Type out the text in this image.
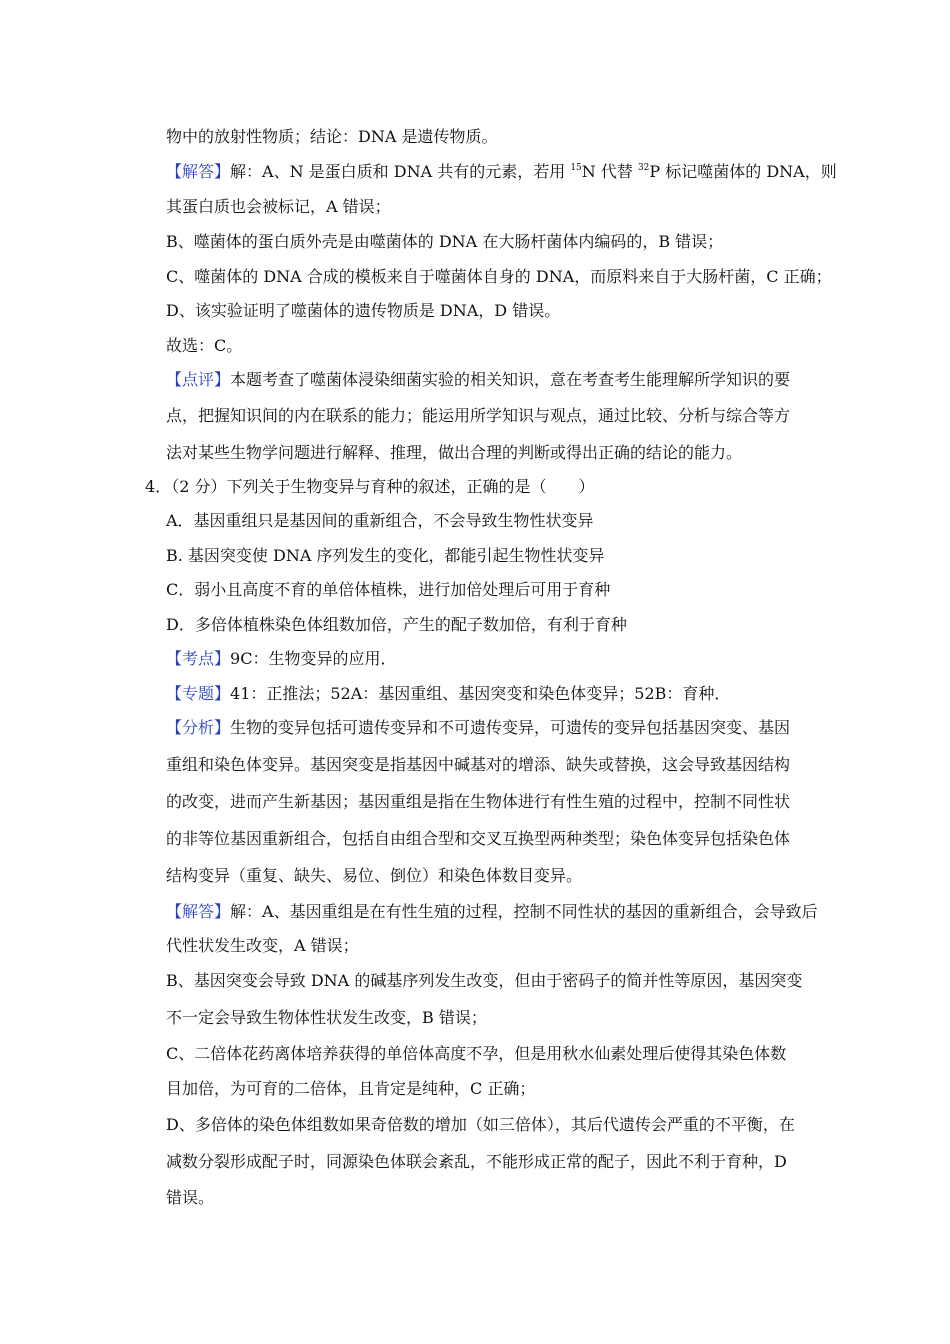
物中的放射性物质；结论：DNA 是遗传物质。
【解答】解：A、N 是蛋白质和 DNA 共有的元素，若用 $^{15}$N 代替 $^{32}$P 标记噬菌体的 DNA，则
其蛋白质也会被标记，A 错误；
B、噬菌体的蛋白质外壳是由噬菌体的 DNA 在大肠杆菌体内编码的，B 错误；
C、噬菌体的 DNA 合成的模板来自于噬菌体自身的 DNA，而原料来自于大肠杆菌，C 正确；
D、该实验证明了噬菌体的遗传物质是 DNA，D 错误。
故选：C。
【点评】本题考查了噬菌体浸染细菌实验的相关知识，意在考查考生能理解所学知识的要
点，把握知识间的内在联系的能力；能运用所学知识与观点，通过比较、分析与综合等方
法对某些生物学问题进行解释、推理，做出合理的判断或得出正确的结论的能力。
4．（2 分）下列关于生物变异与育种的叙述，正确的是（　　）
A．基因重组只是基因间的重新组合，不会导致生物性状变异
B. 基因突变使 DNA 序列发生的变化，都能引起生物性状变异
C．弱小且高度不育的单倍体植株，进行加倍处理后可用于育种
D．多倍体植株染色体组数加倍，产生的配子数加倍，有利于育种
【考点】9C：生物变异的应用．
【专题】41：正推法；52A：基因重组、基因突变和染色体变异；52B：育种．
【分析】生物的变异包括可遗传变异和不可遗传变异，可遗传的变异包括基因突变、基因
重组和染色体变异。基因突变是指基因中碱基对的增添、缺失或替换，这会导致基因结构
的改变，进而产生新基因；基因重组是指在生物体进行有性生殖的过程中，控制不同性状
的非等位基因重新组合，包括自由组合型和交叉互换型两种类型；染色体变异包括染色体
结构变异（重复、缺失、易位、倒位）和染色体数目变异。
【解答】解：A、基因重组是在有性生殖的过程，控制不同性状的基因的重新组合，会导致后
代性状发生改变，A 错误；
B、基因突变会导致 DNA 的碱基序列发生改变，但由于密码子的简并性等原因，基因突变
不一定会导致生物体性状发生改变，B 错误；
C、二倍体花药离体培养获得的单倍体高度不孕，但是用秋水仙素处理后使得其染色体数
目加倍，为可育的二倍体，且肯定是纯种，C 正确；
D、多倍体的染色体组数如果奇倍数的增加（如三倍体），其后代遗传会严重的不平衡，在
减数分裂形成配子时，同源染色体联会紊乱，不能形成正常的配子，因此不利于育种，D
错误。
